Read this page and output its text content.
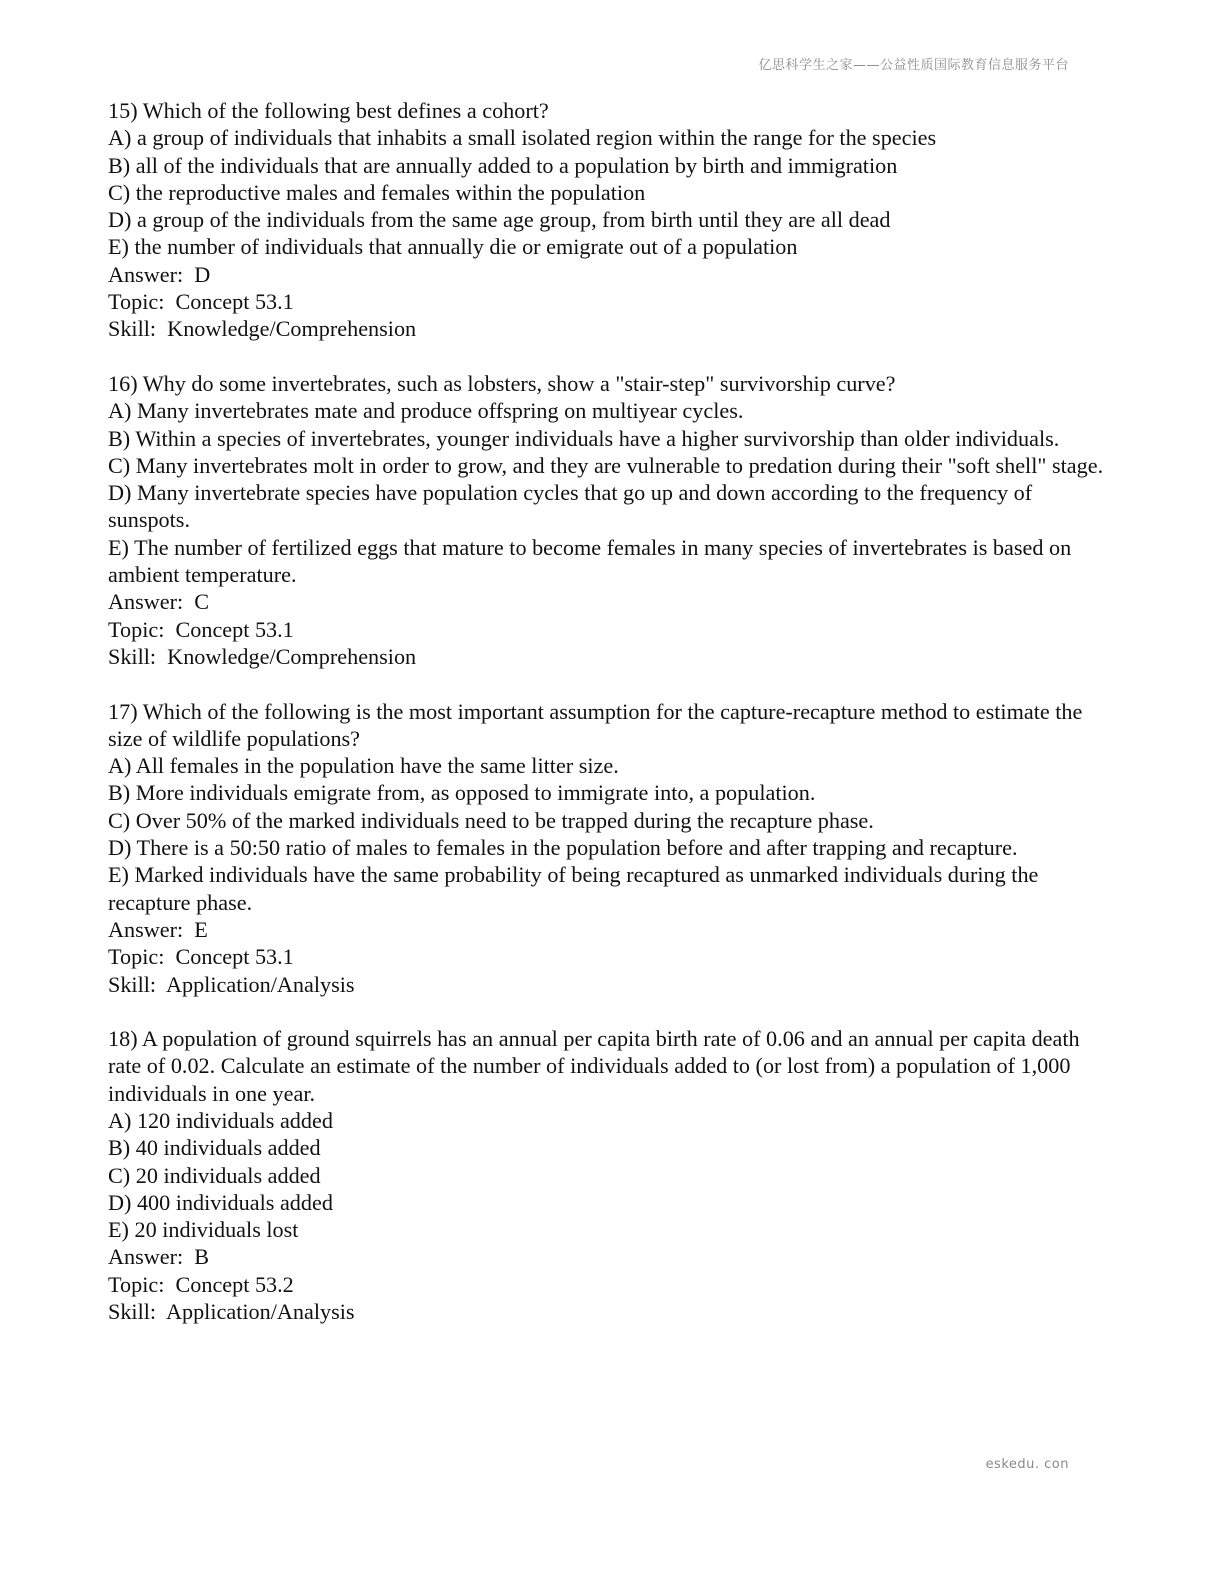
亿思科学生之家——公益性质国际教育信息服务平台
15) Which of the following best defines a cohort?
A) a group of individuals that inhabits a small isolated region within the range for the species
B) all of the individuals that are annually added to a population by birth and immigration
C) the reproductive males and females within the population
D) a group of the individuals from the same age group, from birth until they are all dead
E) the number of individuals that annually die or emigrate out of a population
Answer:  D
Topic:  Concept 53.1
Skill:  Knowledge/Comprehension
16) Why do some invertebrates, such as lobsters, show a "stair-step" survivorship curve?
A) Many invertebrates mate and produce offspring on multiyear cycles.
B) Within a species of invertebrates, younger individuals have a higher survivorship than older individuals.
C) Many invertebrates molt in order to grow, and they are vulnerable to predation during their "soft shell" stage.
D) Many invertebrate species have population cycles that go up and down according to the frequency of sunspots.
E) The number of fertilized eggs that mature to become females in many species of invertebrates is based on ambient temperature.
Answer:  C
Topic:  Concept 53.1
Skill:  Knowledge/Comprehension
17) Which of the following is the most important assumption for the capture-recapture method to estimate the size of wildlife populations?
A) All females in the population have the same litter size.
B) More individuals emigrate from, as opposed to immigrate into, a population.
C) Over 50% of the marked individuals need to be trapped during the recapture phase.
D) There is a 50:50 ratio of males to females in the population before and after trapping and recapture.
E) Marked individuals have the same probability of being recaptured as unmarked individuals during the recapture phase.
Answer:  E
Topic:  Concept 53.1
Skill:  Application/Analysis
18) A population of ground squirrels has an annual per capita birth rate of 0.06 and an annual per capita death rate of 0.02. Calculate an estimate of the number of individuals added to (or lost from) a population of 1,000 individuals in one year.
A) 120 individuals added
B) 40 individuals added
C) 20 individuals added
D) 400 individuals added
E) 20 individuals lost
Answer:  B
Topic:  Concept 53.2
Skill:  Application/Analysis
eskedu. con
